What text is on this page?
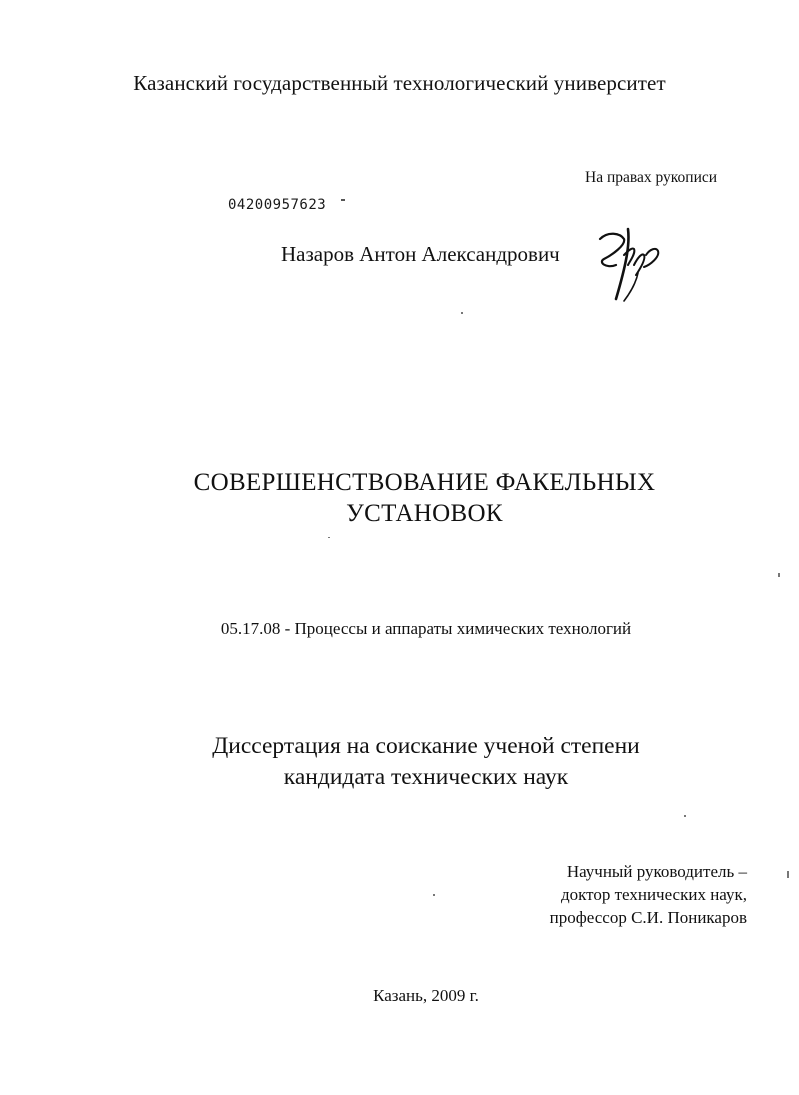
Казанский государственный технологический университет
На правах рукописи
04200957623
Назаров Антон Александрович
СОВЕРШЕНСТВОВАНИЕ ФАКЕЛЬНЫХ
УСТАНОВОК
05.17.08 - Процессы и аппараты химических технологий
Диссертация на соискание ученой степени
кандидата технических наук
Научный руководитель –
доктор технических наук,
профессор С.И. Поникаров
Казань, 2009 г.
